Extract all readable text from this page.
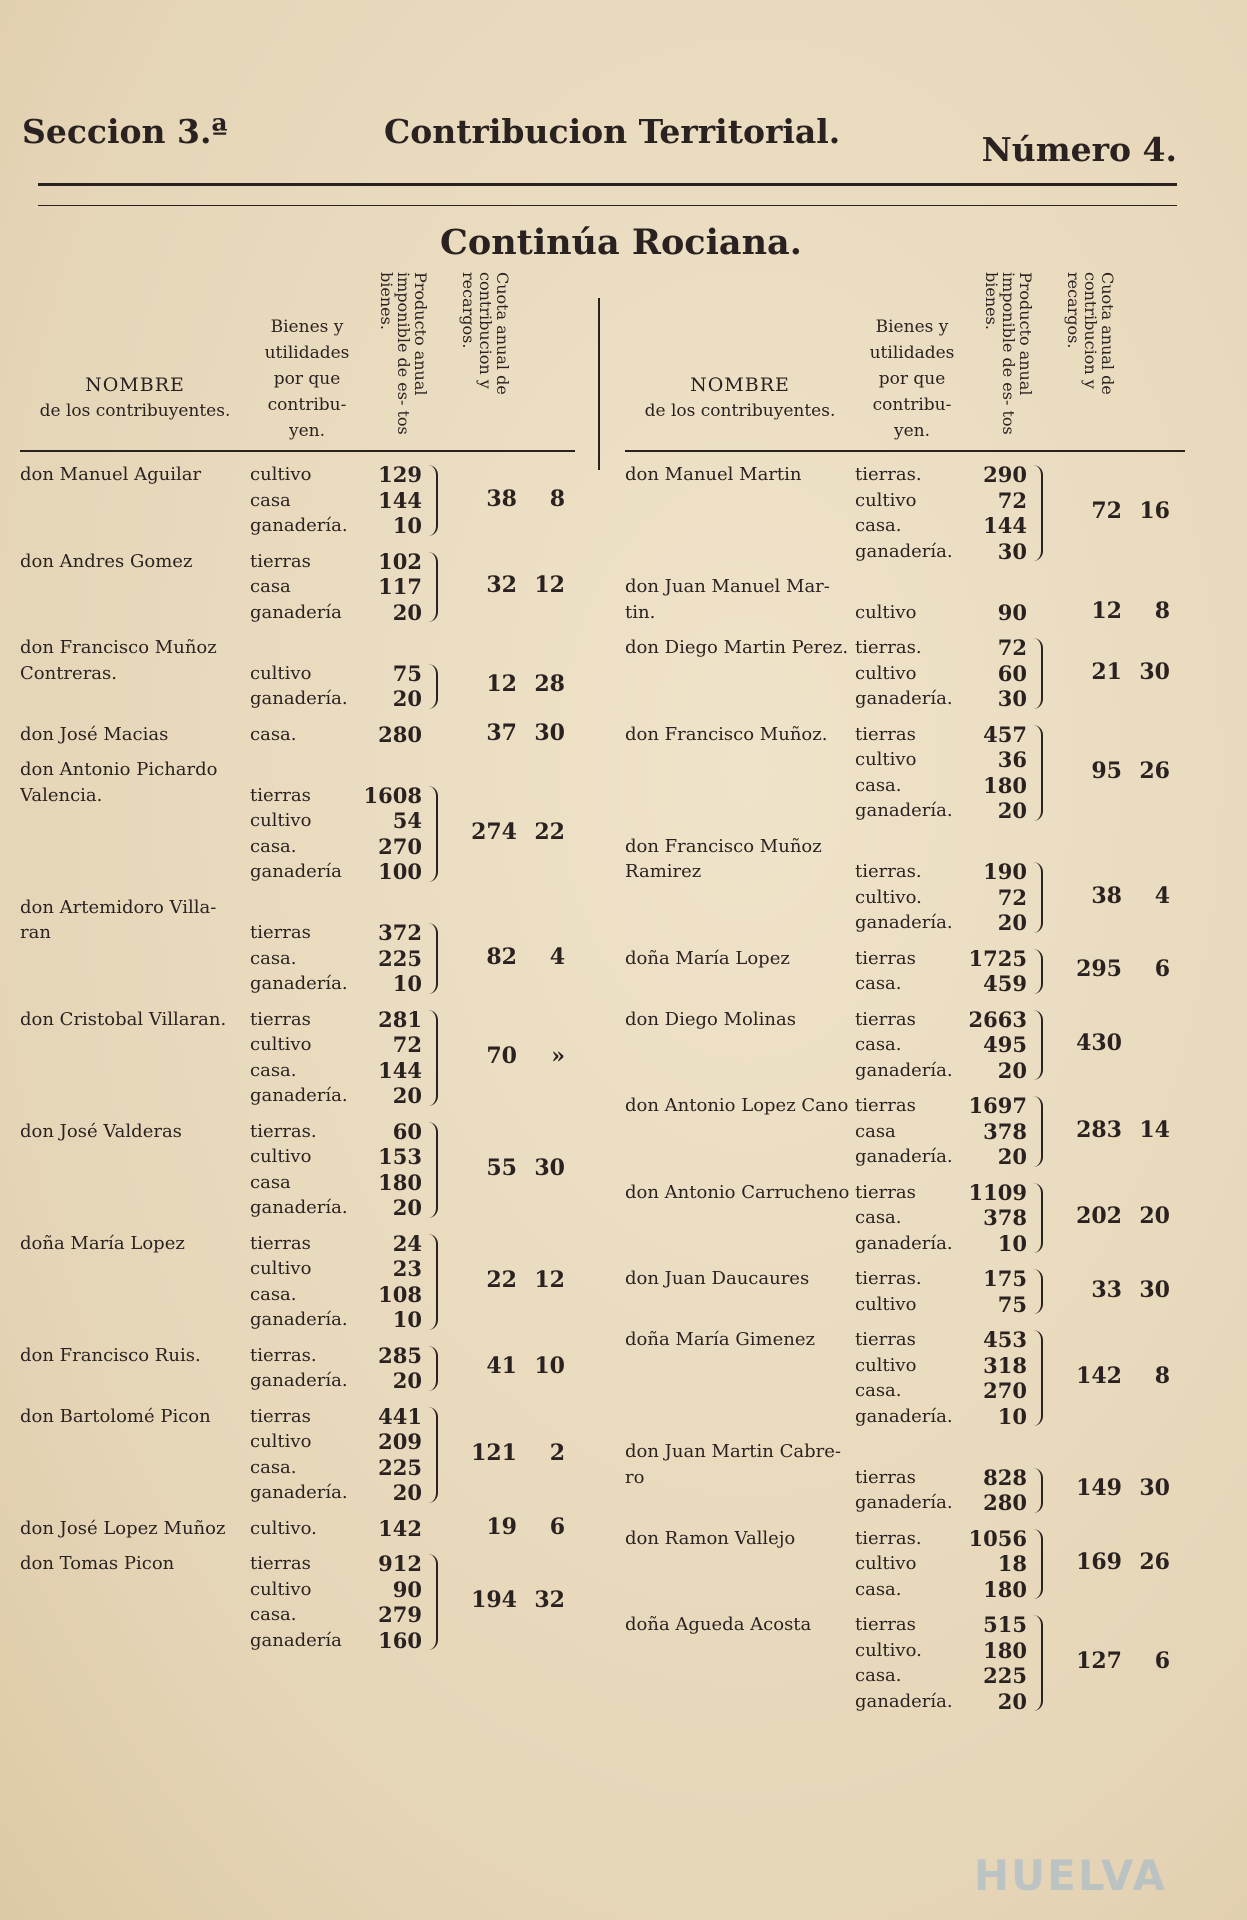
Seccion 3.ª	Contribucion Territorial.	Número 4.
Continúa Rociana.
NOMBRE
de los contribuyentes.
Bienes y
utilidades
por que
contribu-
yen.
Producto anual imponible de es- tos bienes.	Cuota anual de contribucion y recargos.
don Manuel Aguilar	cultivo	129
casa	144
ganadería.	10
38	8
don Andres Gomez	tierras	102
casa	117
ganadería	20
32 12
don Francisco Muñoz
Contreras.	cultivo	75
ganadería.	20
12 28
don José Macias	casa.	280	37 30
don Antonio Pichardo
Valencia.	tierras	1608
cultivo	54
casa.	270
ganadería	100
274 22
don Artemidoro Villa-
ran	tierras	372
casa.	225
ganadería.	10
82	4
don Cristobal Villaran.	tierras	281
cultivo	72
casa.	144
ganadería.	20
70	»
don José Valderas	tierras.	60
cultivo	153
casa	180
ganadería.	20
55 30
doña María Lopez	tierras	24
cultivo	23
casa.	108
ganadería.	10
22 12
don Francisco Ruis.	tierras.	285
ganadería.	20
41 10
don Bartolomé Picon	tierras	441
cultivo	209
casa.	225
ganadería.	20
121	2
don José Lopez Muñoz	cultivo.	142	19	6
don Tomas Picon	tierras	912
cultivo	90
casa.	279
ganadería	160
194 32
NOMBRE
de los contribuyentes.
Bienes y
utilidades
por que
contribu-
yen.
Producto anual imponible de es- tos bienes.	Cuota anual de contribucion y recargos.
don Manuel Martin	tierras.	290
cultivo	72
casa.	144
ganadería.	30
72 16
don Juan Manuel Mar-
tin.	cultivo	90	12	8
don Diego Martin Perez. tierras.	72
cultivo	60
ganadería.	30
21 30
don Francisco Muñoz.	tierras	457
cultivo	36
casa.	180
ganadería.	20
95 26
don Francisco Muñoz
Ramirez	tierras.	190
cultivo.	72
ganadería.	20
38	4
doña María Lopez	tierras	1725
casa.	459
295	6
don Diego Molinas	tierras	2663
casa.	495
ganadería.	20
430
don Antonio Lopez Cano tierras	1697
casa	378
ganadería.	20
283 14
don Antonio Carrucheno tierras	1109
casa.	378
ganadería.	10
202 20
don Juan Daucaures	tierras.	175
cultivo	75
33 30
doña María Gimenez	tierras	453
cultivo	318
casa.	270
ganadería.	10
142	8
don Juan Martin Cabre-
ro	tierras	828
ganadería.	280
149 30
don Ramon Vallejo	tierras.	1056
cultivo	18
casa.	180
169 26
doña Agueda Acosta	tierras	515
cultivo.	180
casa.	225
ganadería.	20
127	6
HUELVA
